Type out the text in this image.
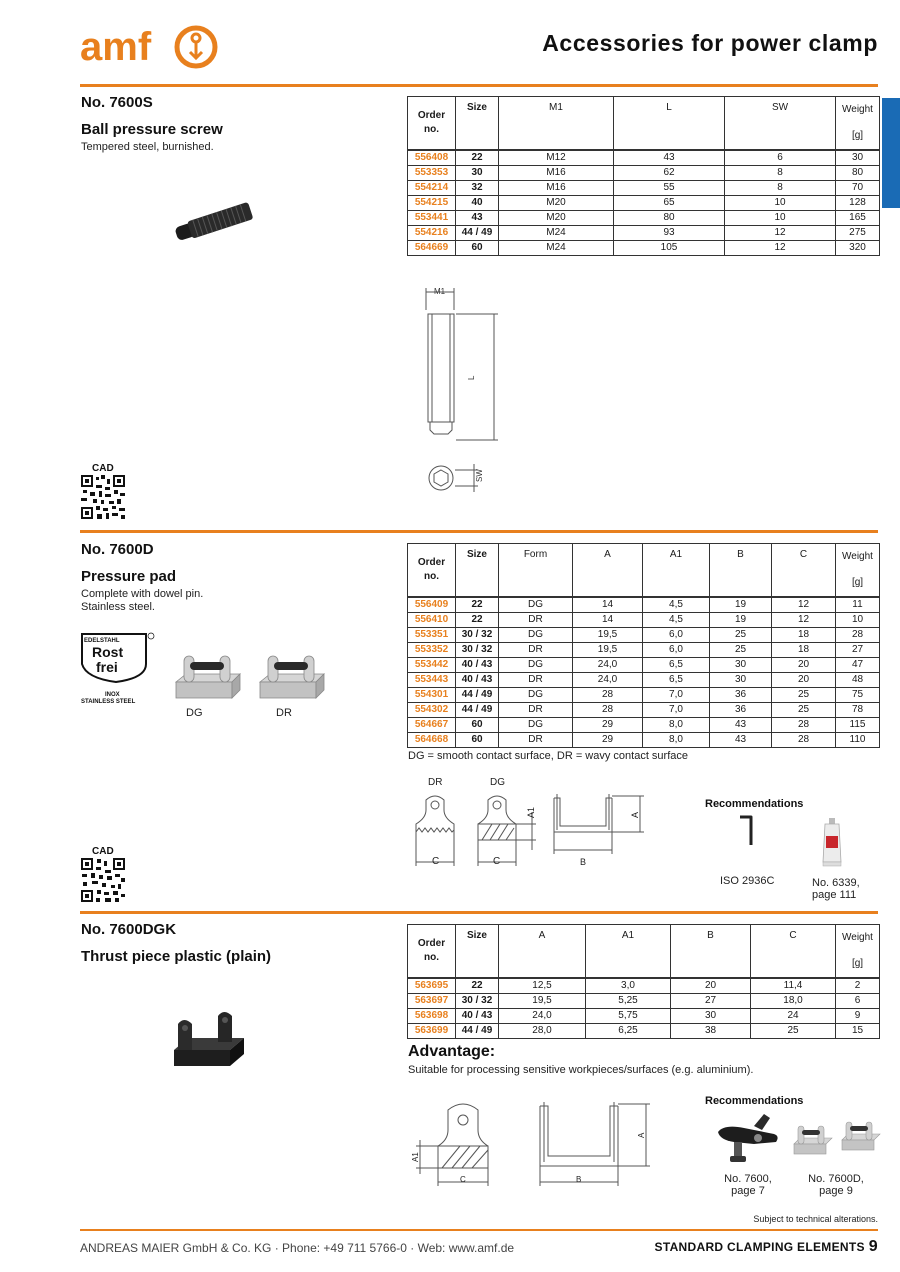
amf	Accessories for power clamp
No. 7600S
Ball pressure screw
Tempered steel, burnished.
Order no.	Size	M1	L	SW	Weight
[g]
556408	22	M12	43	6	30
553353	30	M16	62	8	80
554214	32	M16	55	8	70
554215	40	M20	65	10	128
553441	43	M20	80	10	165
554216	44 / 49	M24	93	12	275
564669	60	M24	105	12	320
M1
L
SW
CAD
No. 7600D
Pressure pad
Complete with dowel pin.
Stainless steel.
EDELSTAHL
Rost
frei
INOX
STAINLESS STEEL
DG	DR
Order no.	Size	Form	A	A1	B	C	Weight
[g]
556409	22	DG	14	4,5	19	12	11
556410	22	DR	14	4,5	19	12	10
553351	30 / 32	DG	19,5	6,0	25	18	28
553352	30 / 32	DR	19,5	6,0	25	18	27
553442	40 / 43	DG	24,0	6,5	30	20	47
553443	40 / 43	DR	24,0	6,5	30	20	48
554301	44 / 49	DG	28	7,0	36	25	75
554302	44 / 49	DR	28	7,0	36	25	78
564667	60	DG	29	8,0	43	28	115
564668	60	DR	29	8,0	43	28	110
DG = smooth contact surface, DR = wavy contact surface
DR	DG
A1	A
C	C	B
Recommendations
ISO 2936C	No. 6339,
page 111
CAD
No. 7600DGK
Thrust piece plastic (plain)
Order no.	Size	A	A1	B	C	Weight
[g]
563695	22	12,5	3,0	20	11,4	2
563697	30 / 32	19,5	5,25	27	18,0	6
563698	40 / 43	24,0	5,75	30	24	9
563699	44 / 49	28,0	6,25	38	25	15
Advantage:
Suitable for processing sensitive workpieces/surfaces (e.g. aluminium).
A1
A
C	B
Recommendations
No. 7600,
page 7
No. 7600D,
page 9
Subject to technical alterations.
ANDREAS MAIER GmbH & Co. KG · Phone: +49 711 5766-0 · Web: www.amf.de	STANDARD CLAMPING ELEMENTS 9
